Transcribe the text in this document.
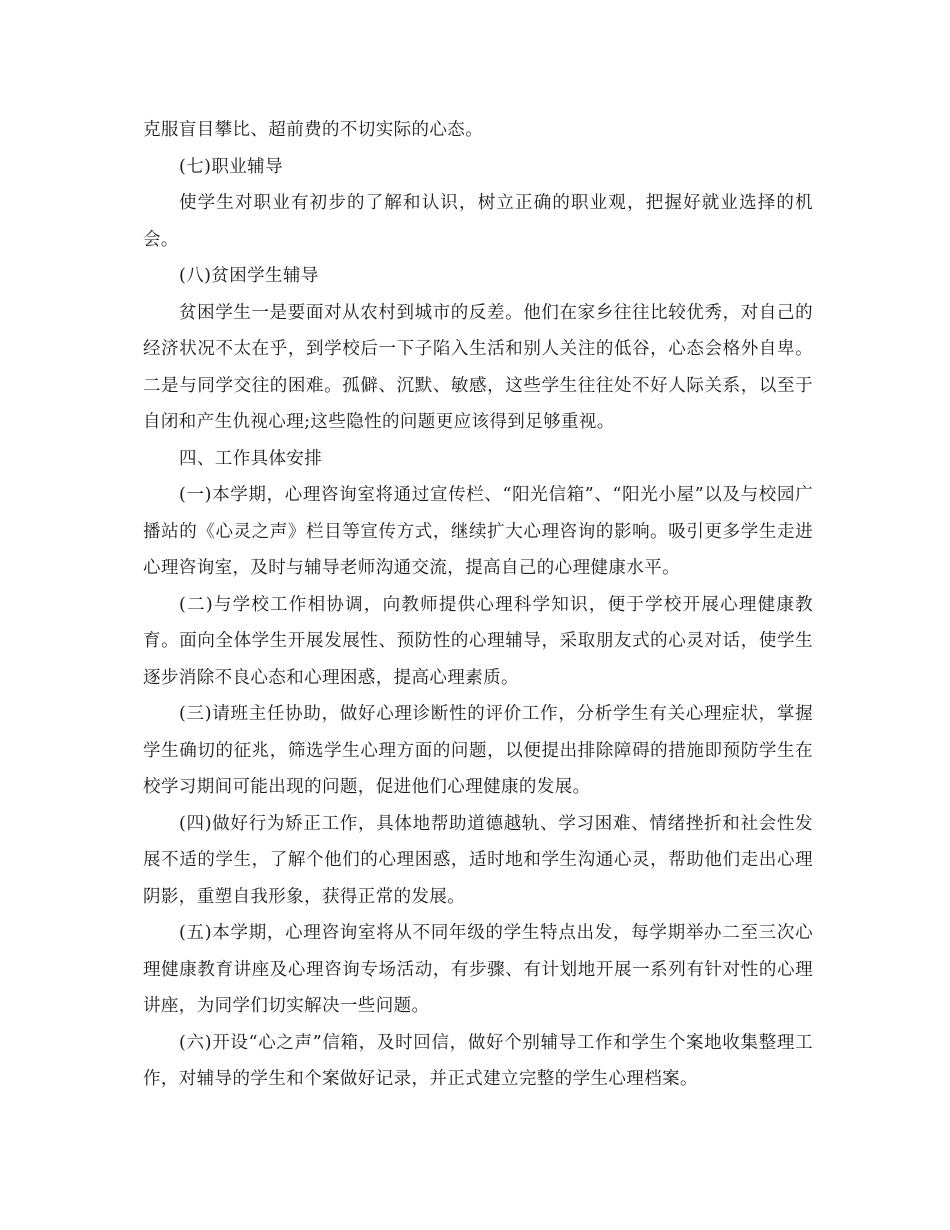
克服盲目攀比、超前费的不切实际的心态。

(七)职业辅导

使学生对职业有初步的了解和认识，树立正确的职业观，把握好就业选择的机会。

(八)贫困学生辅导

贫困学生一是要面对从农村到城市的反差。他们在家乡往往比较优秀，对自己的经济状况不太在乎，到学校后一下子陷入生活和别人关注的低谷，心态会格外自卑。二是与同学交往的困难。孤僻、沉默、敏感，这些学生往往处不好人际关系，以至于自闭和产生仇视心理;这些隐性的问题更应该得到足够重视。

四、工作具体安排

(一)本学期，心理咨询室将通过宣传栏、“阳光信箱”、“阳光小屋”以及与校园广播站的《心灵之声》栏目等宣传方式，继续扩大心理咨询的影响。吸引更多学生走进心理咨询室，及时与辅导老师沟通交流，提高自己的心理健康水平。

(二)与学校工作相协调，向教师提供心理科学知识，便于学校开展心理健康教育。面向全体学生开展发展性、预防性的心理辅导，采取朋友式的心灵对话，使学生逐步消除不良心态和心理困惑，提高心理素质。

(三)请班主任协助，做好心理诊断性的评价工作，分析学生有关心理症状，掌握学生确切的征兆，筛选学生心理方面的问题，以便提出排除障碍的措施即预防学生在校学习期间可能出现的问题，促进他们心理健康的发展。

(四)做好行为矫正工作，具体地帮助道德越轨、学习困难、情绪挫折和社会性发展不适的学生，了解个他们的心理困惑，适时地和学生沟通心灵，帮助他们走出心理阴影，重塑自我形象，获得正常的发展。

(五)本学期，心理咨询室将从不同年级的学生特点出发，每学期举办二至三次心理健康教育讲座及心理咨询专场活动，有步骤、有计划地开展一系列有针对性的心理讲座，为同学们切实解决一些问题。

(六)开设“心之声”信箱，及时回信，做好个别辅导工作和学生个案地收集整理工作，对辅导的学生和个案做好记录，并正式建立完整的学生心理档案。
